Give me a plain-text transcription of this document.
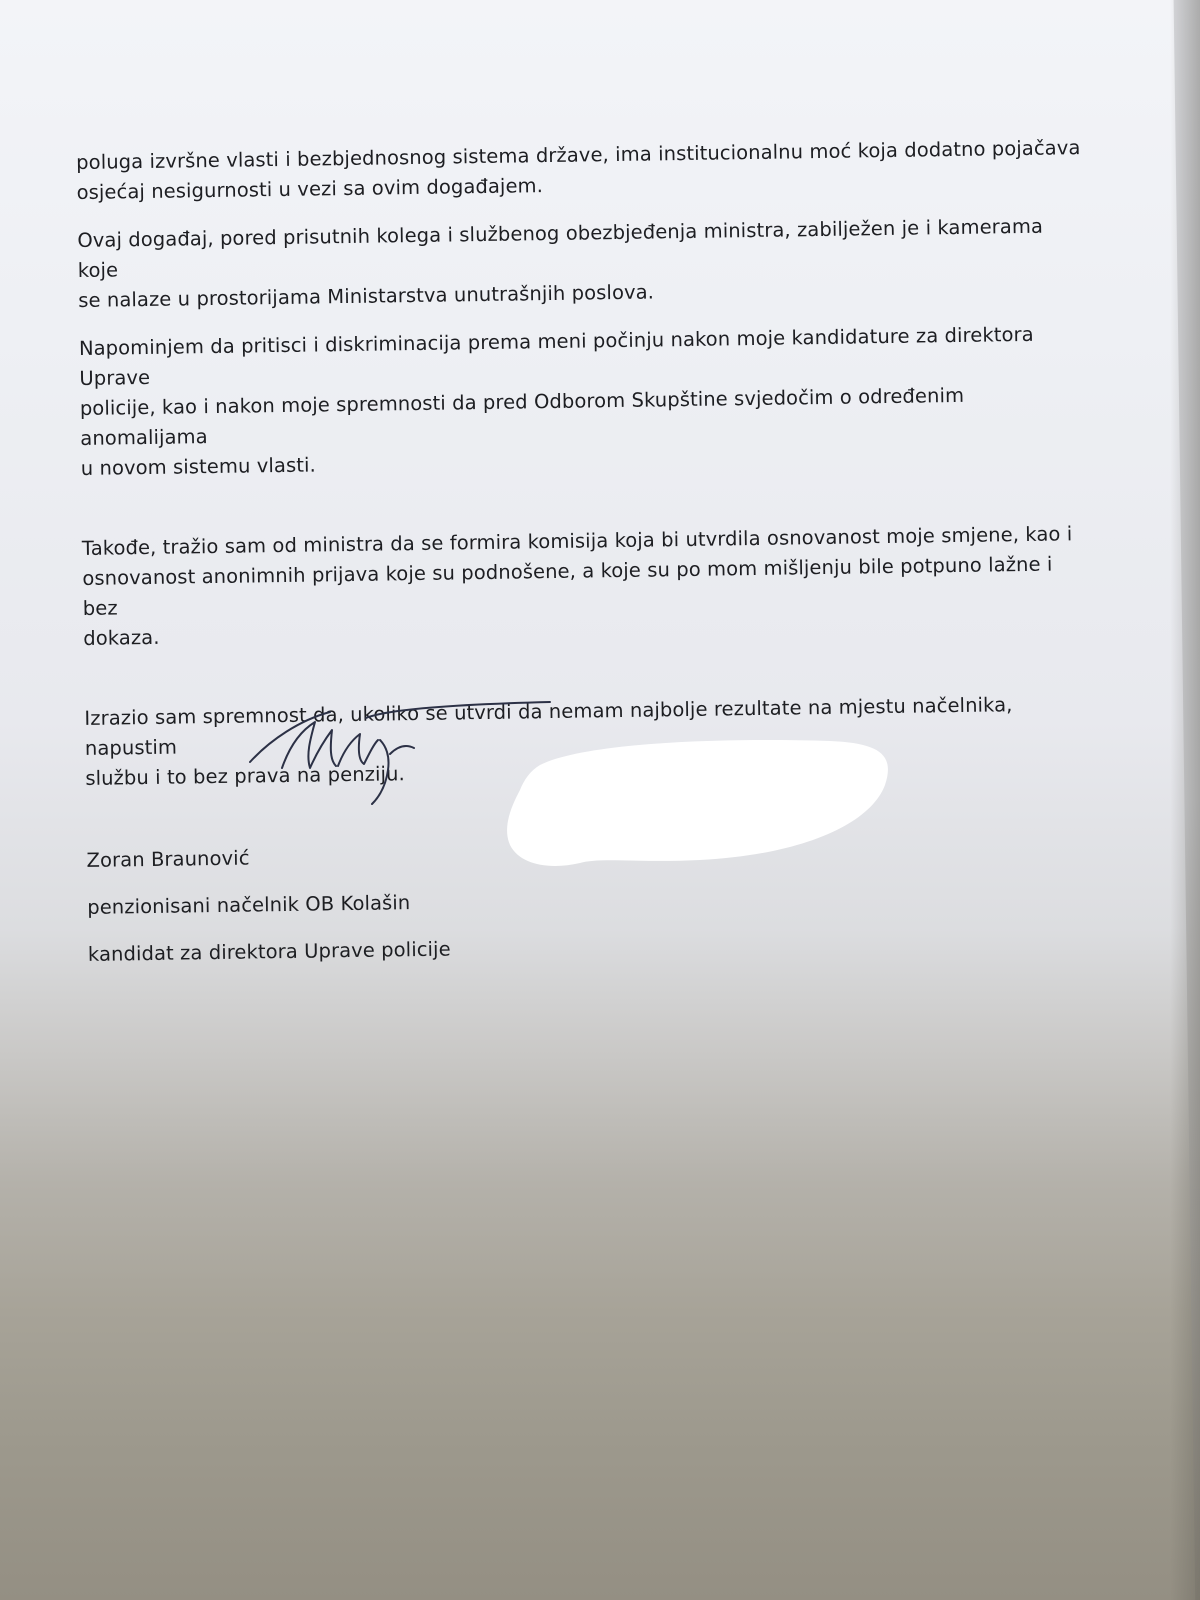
poluga izvršne vlasti i bezbjednosnog sistema države, ima institucionalnu moć koja dodatno pojačava
osjećaj nesigurnosti u vezi sa ovim događajem.

Ovaj događaj, pored prisutnih kolega i službenog obezbjeđenja ministra, zabilježen je i kamerama koje
se nalaze u prostorijama Ministarstva unutrašnjih poslova.

Napominjem da pritisci i diskriminacija prema meni počinju nakon moje kandidature za direktora Uprave
policije, kao i nakon moje spremnosti da pred Odborom Skupštine svjedočim o određenim anomalijama
u novom sistemu vlasti.

Takođe, tražio sam od ministra da se formira komisija koja bi utvrdila osnovanost moje smjene, kao i
osnovanost anonimnih prijava koje su podnošene, a koje su po mom mišljenju bile potpuno lažne i bez
dokaza.

Izrazio sam spremnost da, ukoliko se utvrdi da nemam najbolje rezultate na mjestu načelnika, napustim
službu i to bez prava na penziju.

Zoran Braunović

penzionisani načelnik OB Kolašin

kandidat za direktora Uprave policije
